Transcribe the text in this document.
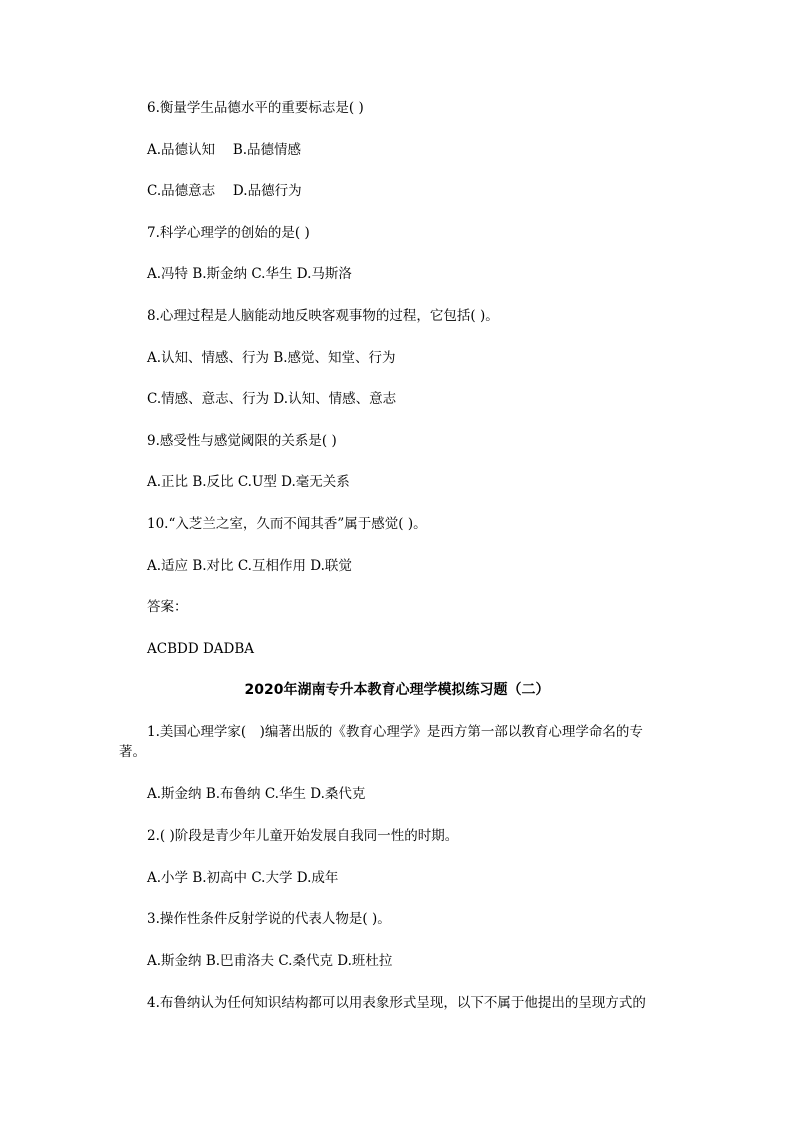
6.衡量学生品德水平的重要标志是( )
A.品德认知　 B.品德情感
C.品德意志　 D.品德行为
7.科学心理学的创始的是( )
A.冯特 B.斯金纳 C.华生 D.马斯洛
8.心理过程是人脑能动地反映客观事物的过程，它包括( )。
A.认知、情感、行为 B.感觉、知堂、行为
C.情感、意志、行为 D.认知、情感、意志
9.感受性与感觉阈限的关系是( )
A.正比 B.反比 C.U型 D.毫无关系
10.“入芝兰之室，久而不闻其香”属于感觉( )。
A.适应 B.对比 C.互相作用 D.联觉
答案：
ACBDD DADBA
2020年湖南专升本教育心理学模拟练习题（二）
1.美国心理学家(　)编著出版的《教育心理学》是西方第一部以教育心理学命名的专
著。
A.斯金纳 B.布鲁纳 C.华生 D.桑代克
2.( )阶段是青少年儿童开始发展自我同一性的时期。
A.小学 B.初高中 C.大学 D.成年
3.操作性条件反射学说的代表人物是( )。
A.斯金纳 B.巴甫洛夫 C.桑代克 D.班杜拉
4.布鲁纳认为任何知识结构都可以用表象形式呈现，以下不属于他提出的呈现方式的
